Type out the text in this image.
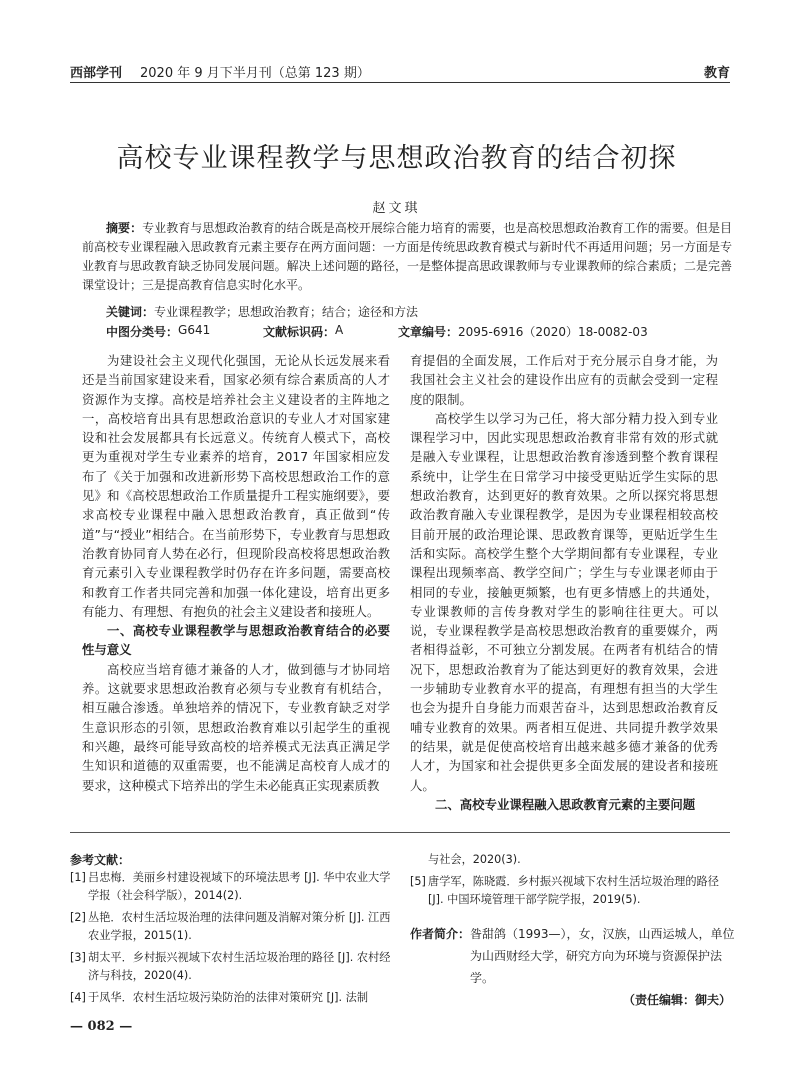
西部学刊 2020 年 9 月下半月刊（总第 123 期）	教育
高校专业课程教学与思想政治教育的结合初探
赵文琪
摘要：专业教育与思想政治教育的结合既是高校开展综合能力培育的需要，也是高校思想政治教育工作的需要。但是目前高校专业课程融入思政教育元素主要存在两方面问题：一方面是传统思政教育模式与新时代不再适用问题；另一方面是专业教育与思政教育缺乏协同发展问题。解决上述问题的路径，一是整体提高思政课教师与专业课教师的综合素质；二是完善课堂设计；三是提高教育信息实时化水平。
关键词：专业课程教学；思想政治教育；结合；途径和方法
中图分类号： G641	文献标识码： A	文章编号： 2095-6916（2020）18-0082-03

为建设社会主义现代化强国，无论从长远发展来看还是当前国家建设来看，国家必须有综合素质高的人才资源作为支撑。高校是培养社会主义建设者的主阵地之一，高校培育出具有思想政治意识的专业人才对国家建设和社会发展都具有长远意义。传统育人模式下，高校更为重视对学生专业素养的培育，2017 年国家相应发布了《关于加强和改进新形势下高校思想政治工作的意见》和《高校思想政治工作质量提升工程实施纲要》，要求高校专业课程中融入思想政治教育，真正做到“传道”与“授业”相结合。在当前形势下，专业教育与思想政治教育协同育人势在必行，但现阶段高校将思想政治教育元素引入专业课程教学时仍存在许多问题，需要高校和教育工作者共同完善和加强一体化建设，培育出更多有能力、有理想、有抱负的社会主义建设者和接班人。

一、高校专业课程教学与思想政治教育结合的必要性与意义

高校应当培育德才兼备的人才，做到德与才协同培养。这就要求思想政治教育必须与专业教育有机结合，相互融合渗透。单独培养的情况下，专业教育缺乏对学生意识形态的引领，思想政治教育难以引起学生的重视和兴趣，最终可能导致高校的培养模式无法真正满足学生知识和道德的双重需要，也不能满足高校育人成才的要求，这种模式下培养出的学生未必能真正实现素质教

育提倡的全面发展，工作后对于充分展示自身才能，为我国社会主义社会的建设作出应有的贡献会受到一定程度的限制。

高校学生以学习为己任，将大部分精力投入到专业课程学习中，因此实现思想政治教育非常有效的形式就是融入专业课程，让思想政治教育渗透到整个教育课程系统中，让学生在日常学习中接受更贴近学生实际的思想政治教育，达到更好的教育效果。之所以探究将思想政治教育融入专业课程教学，是因为专业课程相较高校目前开展的政治理论课、思政教育课等，更贴近学生生活和实际。高校学生整个大学期间都有专业课程，专业课程出现频率高、教学空间广；学生与专业课老师由于相同的专业，接触更频繁，也有更多情感上的共通处，专业课教师的言传身教对学生的影响往往更大。可以说，专业课程教学是高校思想政治教育的重要媒介，两者相得益彰，不可独立分割发展。在两者有机结合的情况下，思想政治教育为了能达到更好的教育效果，会进一步辅助专业教育水平的提高，有理想有担当的大学生也会为提升自身能力而艰苦奋斗，达到思想政治教育反哺专业教育的效果。两者相互促进、共同提升教学效果的结果，就是促使高校培育出越来越多德才兼备的优秀人才，为国家和社会提供更多全面发展的建设者和接班人。

二、高校专业课程融入思政教育元素的主要问题
参考文献：
[1] 吕忠梅．美丽乡村建设视域下的环境法思考 [J]. 华中农业大学学报（社会科学版），2014(2).
[2] 丛艳．农村生活垃圾治理的法律问题及消解对策分析 [J]. 江西农业学报，2015(1).
[3] 胡太平．乡村振兴视域下农村生活垃圾治理的路径 [J]. 农村经济与科技，2020(4).
[4] 于凤华．农村生活垃圾污染防治的法律对策研究 [J]. 法制
与社会，2020(3).
[5] 唐学军，陈晓霞．乡村振兴视域下农村生活垃圾治理的路径 [J]. 中国环境管理干部学院学报，2019(5).
作者简介： 昝甜鸽（1993—），女，汉族，山西运城人，单位为山西财经大学，研究方向为环境与资源保护法学。
（责任编辑：御夫）
— 082 —
